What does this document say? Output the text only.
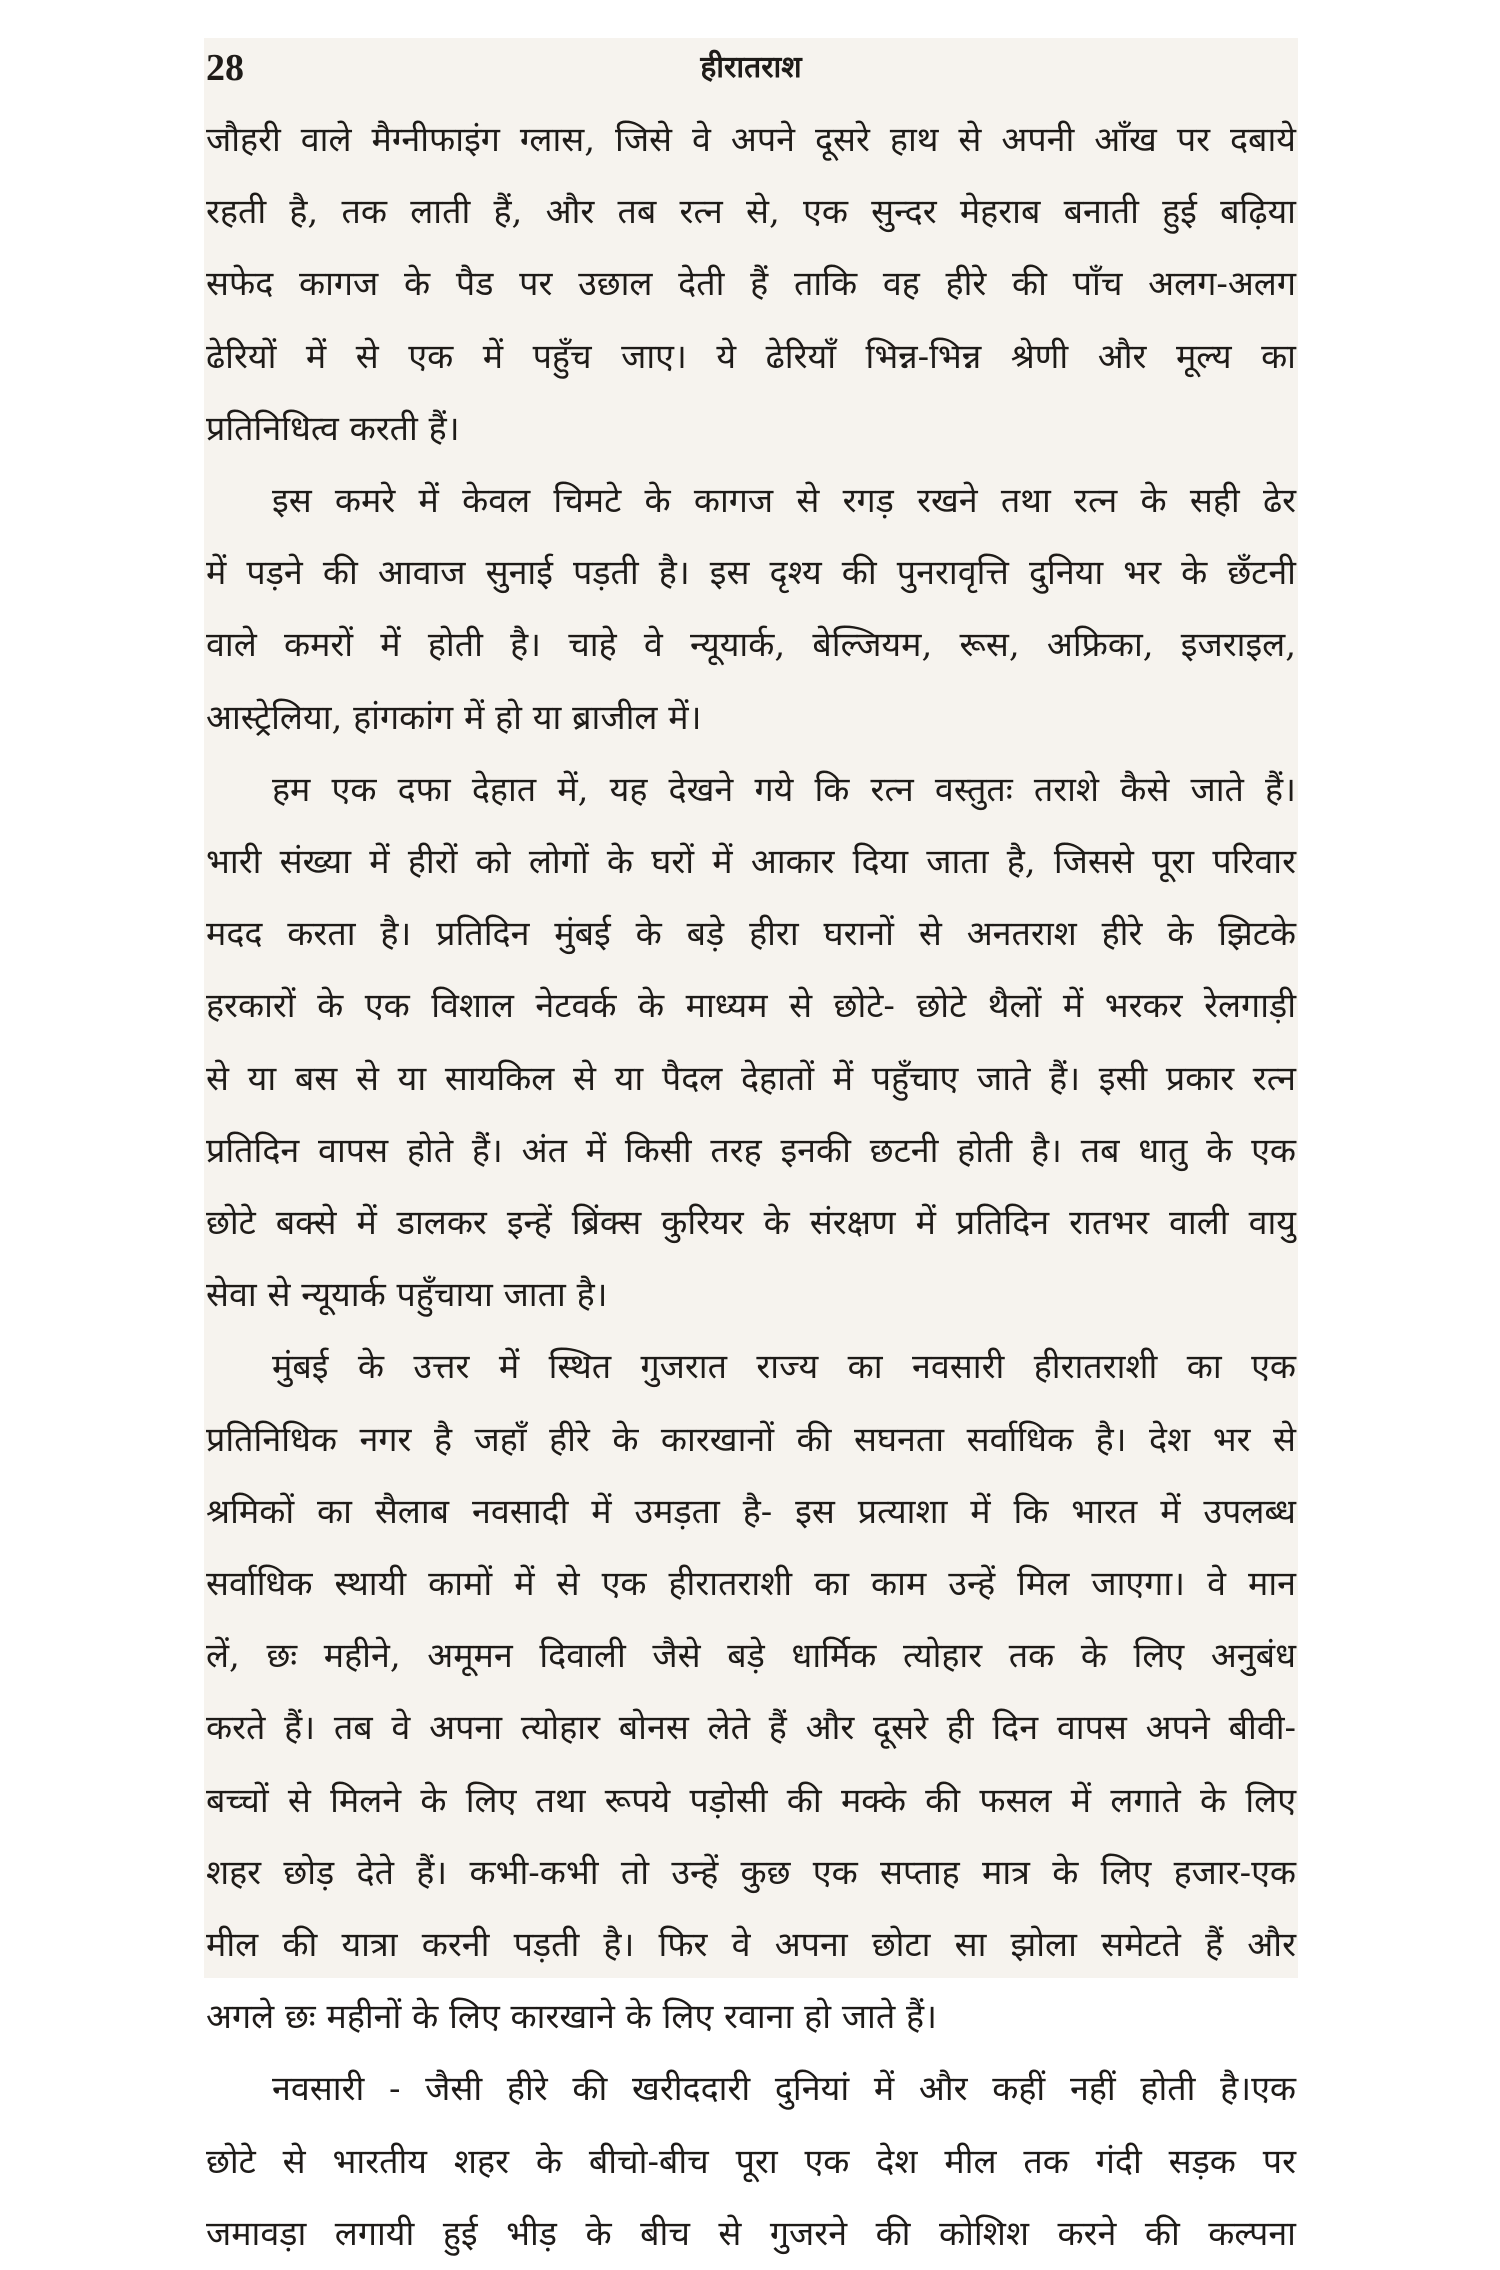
28	हीरातराश

जौहरी वाले मैग्नीफाइंग ग्लास, जिसे वे अपने दूसरे हाथ से अपनी आँख पर दबाये

रहती है, तक लाती हैं, और तब रत्न से, एक सुन्दर मेहराब बनाती हुई बढ़िया

सफेद कागज के पैड पर उछाल देती हैं ताकि वह हीरे की पाँच अलग-अलग

ढेरियों में से एक में पहुँच जाए। ये ढेरियाँ भिन्न-भिन्न श्रेणी और मूल्य का

प्रतिनिधित्व करती हैं।

इस कमरे में केवल चिमटे के कागज से रगड़ रखने तथा रत्न के सही ढेर

में पड़ने की आवाज सुनाई पड़ती है। इस दृश्य की पुनरावृत्ति दुनिया भर के छँटनी

वाले कमरों में होती है। चाहे वे न्यूयार्क, बेल्जियम, रूस, अफ्रिका, इजराइल,

आस्ट्रेलिया, हांगकांग में हो या ब्राजील में।

हम एक दफा देहात में, यह देखने गये कि रत्न वस्तुतः तराशे कैसे जाते हैं।

भारी संख्या में हीरों को लोगों के घरों में आकार दिया जाता है, जिससे पूरा परिवार

मदद करता है। प्रतिदिन मुंबई के बड़े हीरा घरानों से अनतराश हीरे के झिटके

हरकारों के एक विशाल नेटवर्क के माध्यम से छोटे- छोटे थैलों में भरकर रेलगाड़ी

से या बस से या सायकिल से या पैदल देहातों में पहुँचाए जाते हैं। इसी प्रकार रत्न

प्रतिदिन वापस होते हैं। अंत में किसी तरह इनकी छटनी होती है। तब धातु के एक

छोटे बक्से में डालकर इन्हें ब्रिंक्स कुरियर के संरक्षण में प्रतिदिन रातभर वाली वायु

सेवा से न्यूयार्क पहुँचाया जाता है।

मुंबई के उत्तर में स्थित गुजरात राज्य का नवसारी हीरातराशी का एक

प्रतिनिधिक नगर है जहाँ हीरे के कारखानों की सघनता सर्वाधिक है। देश भर से

श्रमिकों का सैलाब नवसादी में उमड़ता है- इस प्रत्याशा में कि भारत में उपलब्ध

सर्वाधिक स्थायी कामों में से एक हीरातराशी का काम उन्हें मिल जाएगा। वे मान

लें, छः महीने, अमूमन दिवाली जैसे बड़े धार्मिक त्योहार तक के लिए अनुबंध

करते हैं। तब वे अपना त्योहार बोनस लेते हैं और दूसरे ही दिन वापस अपने बीवी-

बच्चों से मिलने के लिए तथा रूपये पड़ोसी की मक्के की फसल में लगाते के लिए

शहर छोड़ देते हैं। कभी-कभी तो उन्हें कुछ एक सप्ताह मात्र के लिए हजार-एक

मील की यात्रा करनी पड़ती है। फिर वे अपना छोटा सा झोला समेटते हैं और

अगले छः महीनों के लिए कारखाने के लिए रवाना हो जाते हैं।

नवसारी - जैसी हीरे की खरीददारी दुनियां में और कहीं नहीं होती है।एक

छोटे से भारतीय शहर के बीचो-बीच पूरा एक देश मील तक गंदी सड़क पर

जमावड़ा लगायी हुई भीड़ के बीच से गुजरने की कोशिश करने की कल्पना
